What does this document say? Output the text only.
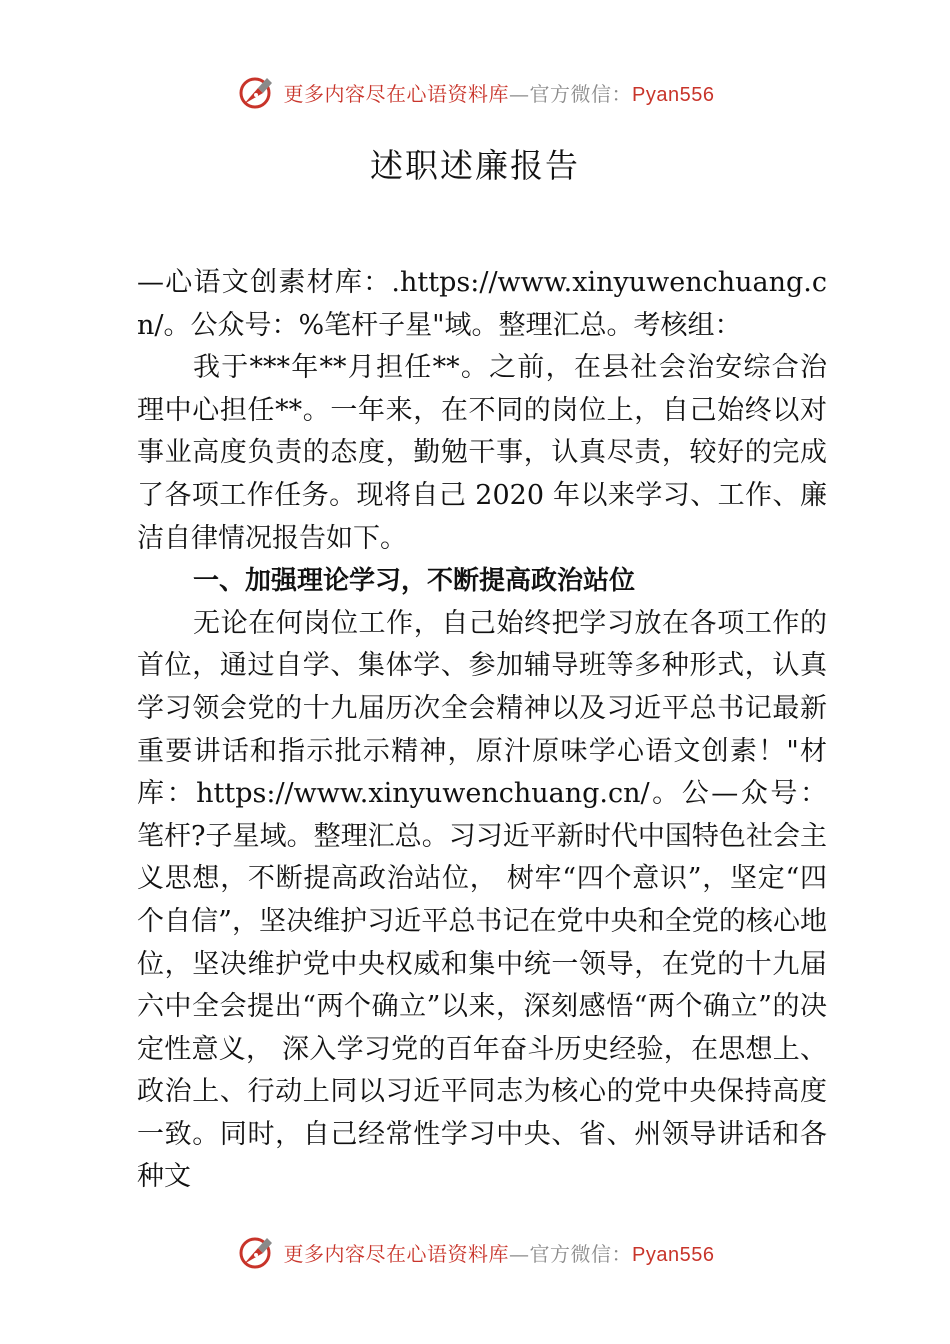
更多内容尽在心语资料库—官方微信：Pyan556
述职述廉报告

—心语文创素材库：.https://www.xinyuwenchuang.cn/。公众号：%笔杆子星"域。整理汇总。考核组：

我于***年**月担任**。之前，在县社会治安综合治理中心担任**。一年来，在不同的岗位上，自己始终以对事业高度负责的态度，勤勉干事，认真尽责，较好的完成了各项工作任务。现将自己 2020 年以来学习、工作、廉洁自律情况报告如下。

一、加强理论学习，不断提高政治站位

无论在何岗位工作，自己始终把学习放在各项工作的首位，通过自学、集体学、参加辅导班等多种形式，认真学习领会党的十九届历次全会精神以及习近平总书记最新重要讲话和指示批示精神，原汁原味学心语文创素！"材库：https://www.xinyuwenchuang.cn/。公—众号：笔杆?子星域。整理汇总。习习近平新时代中国特色社会主义思想，不断提高政治站位， 树牢“四个意识”，坚定“四个自信”，坚决维护习近平总书记在党中央和全党的核心地位，坚决维护党中央权威和集中统一领导，在党的十九届六中全会提出“两个确立”以来，深刻感悟“两个确立”的决定性意义， 深入学习党的百年奋斗历史经验，在思想上、政治上、行动上同以习近平同志为核心的党中央保持高度一致。同时，自己经常性学习中央、省、州领导讲话和各种文

更多内容尽在心语资料库—官方微信：Pyan556
